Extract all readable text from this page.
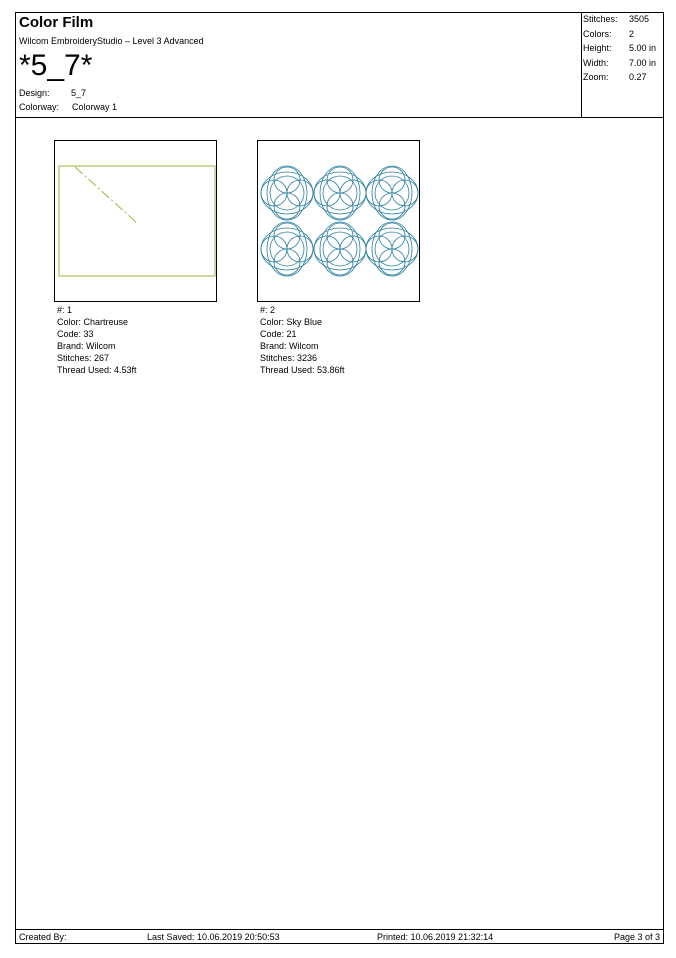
Color Film
Wilcom EmbroideryStudio – Level 3 Advanced
*5_7*
Design: 5_7
Colorway: Colorway 1
Stitches: 3505
Colors: 2
Height: 5.00 in
Width: 7.00 in
Zoom: 0.27
#: 1
Color: Chartreuse
Code: 33
Brand: Wilcom
Stitches: 267
Thread Used: 4.53ft
#: 2
Color: Sky Blue
Code: 21
Brand: Wilcom
Stitches: 3236
Thread Used: 53.86ft
Created By:	Last Saved: 10.06.2019 20:50:53	Printed: 10.06.2019 21:32:14	Page 3 of 3
